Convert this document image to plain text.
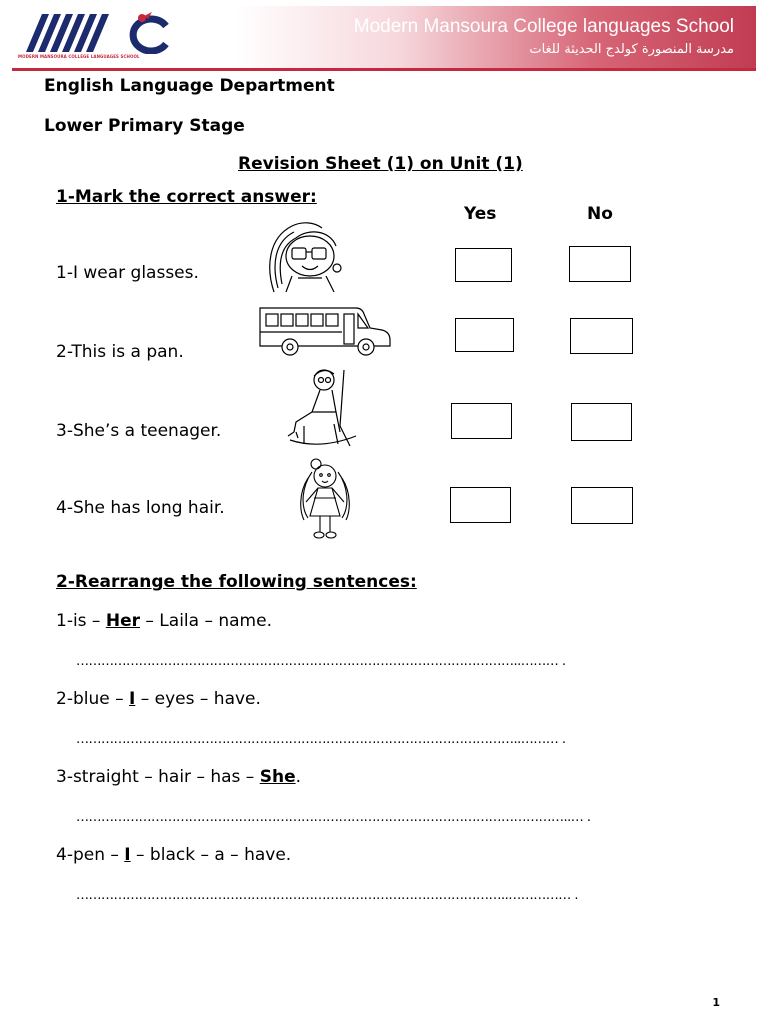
MODERN MANSOURA COLLEGE LANGUAGES SCHOOL
Modern Mansoura College languages School
مدرسة المنصورة كولدج الحديثة للغات
English Language Department
Lower Primary Stage
Revision Sheet (1) on Unit (1)
1-Mark the correct answer:
Yes	No
1-I wear glasses.
2-This is a pan.
3-She’s a teenager.
4-She has long hair.
2-Rearrange the following sentences:
1-is – Her – Laila – name.
……………………………………………………………………………………………..……… .
2-blue – I – eyes – have.
……………………………………………………………………………………………..……… .
3-straight – hair – has – She.
………………………………………………………………………………………………………..… .
4-pen – I – black – a – have.
…………………………………………………………………………………………..…………… .
1
